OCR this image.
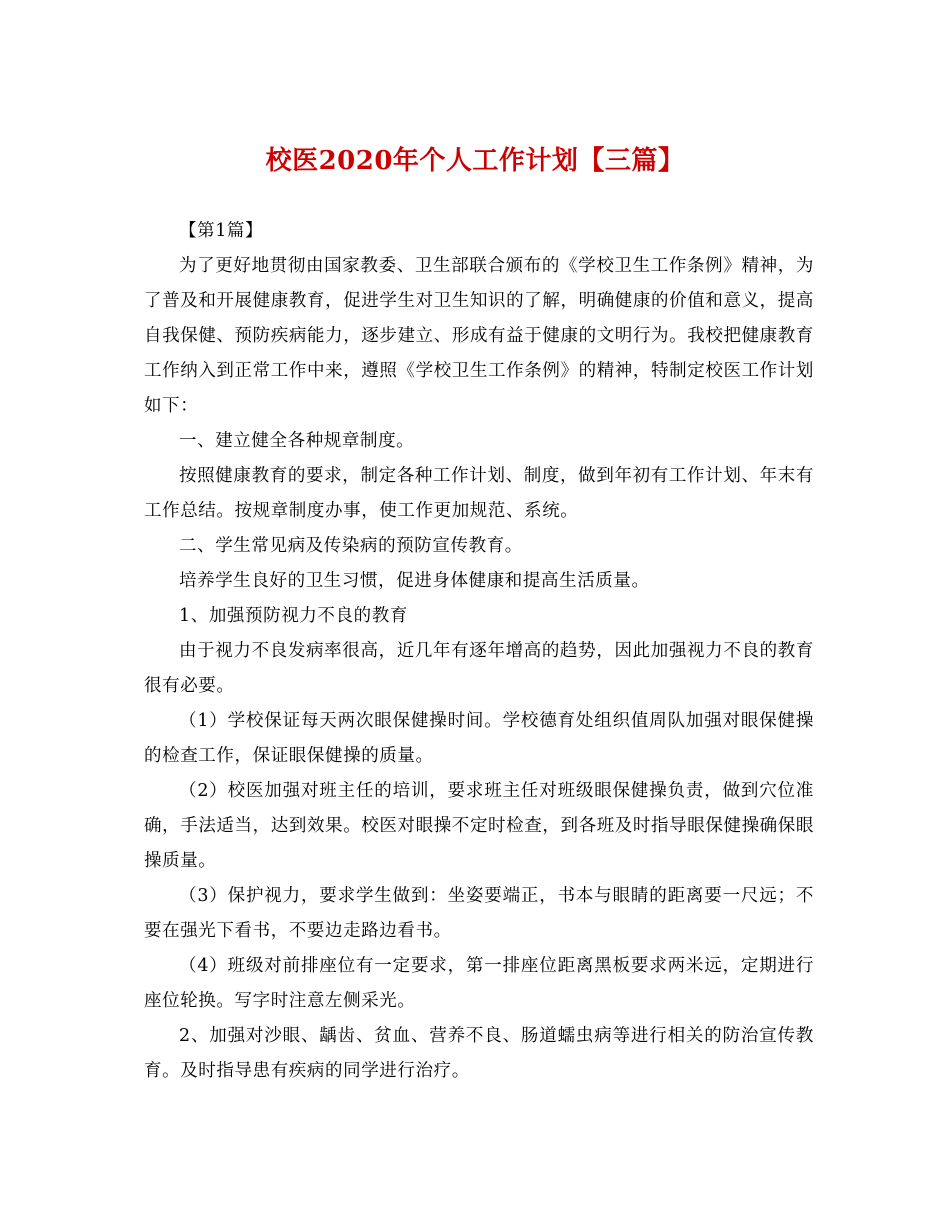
校医2020年个人工作计划【三篇】

【第1篇】

为了更好地贯彻由国家教委、卫生部联合颁布的《学校卫生工作条例》精神，为了普及和开展健康教育，促进学生对卫生知识的了解，明确健康的价值和意义，提高自我保健、预防疾病能力，逐步建立、形成有益于健康的文明行为。我校把健康教育工作纳入到正常工作中来，遵照《学校卫生工作条例》的精神，特制定校医工作计划如下：

一、建立健全各种规章制度。

按照健康教育的要求，制定各种工作计划、制度，做到年初有工作计划、年末有工作总结。按规章制度办事，使工作更加规范、系统。

二、学生常见病及传染病的预防宣传教育。

培养学生良好的卫生习惯，促进身体健康和提高生活质量。

1、加强预防视力不良的教育

由于视力不良发病率很高，近几年有逐年增高的趋势，因此加强视力不良的教育很有必要。

（1）学校保证每天两次眼保健操时间。学校德育处组织值周队加强对眼保健操的检查工作，保证眼保健操的质量。

（2）校医加强对班主任的培训，要求班主任对班级眼保健操负责，做到穴位准确，手法适当，达到效果。校医对眼操不定时检查，到各班及时指导眼保健操确保眼操质量。

（3）保护视力，要求学生做到：坐姿要端正，书本与眼睛的距离要一尺远；不要在强光下看书，不要边走路边看书。

（4）班级对前排座位有一定要求，第一排座位距离黑板要求两米远，定期进行座位轮换。写字时注意左侧采光。

2、加强对沙眼、龋齿、贫血、营养不良、肠道蠕虫病等进行相关的防治宣传教育。及时指导患有疾病的同学进行治疗。
